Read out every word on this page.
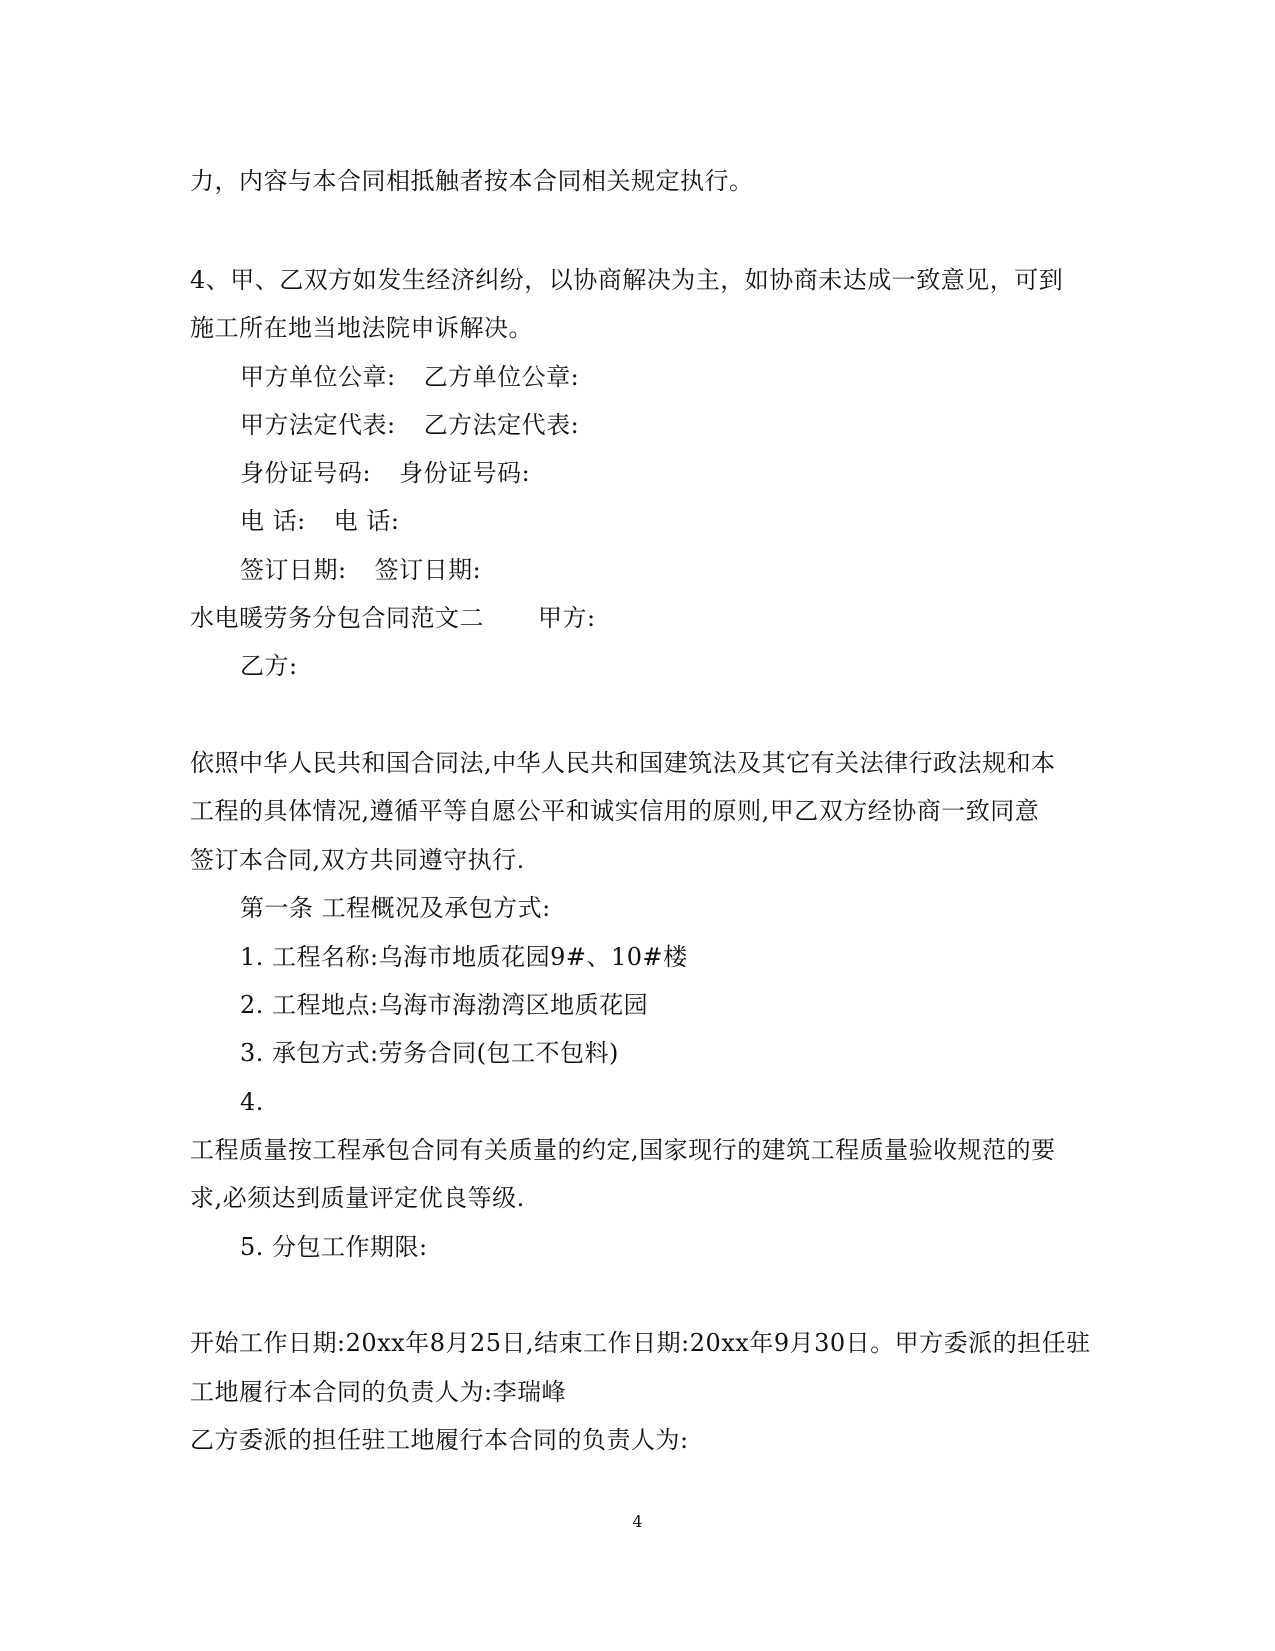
力，内容与本合同相抵触者按本合同相关规定执行。
4、甲、乙双方如发生经济纠纷，以协商解决为主，如协商未达成一致意见，可到
施工所在地当地法院申诉解决。
甲方单位公章: 乙方单位公章:
甲方法定代表: 乙方法定代表:
身份证号码: 身份证号码:
电 话: 电 话:
签订日期: 签订日期:
水电暖劳务分包合同范文二 甲方:
乙方:
依照中华人民共和国合同法,中华人民共和国建筑法及其它有关法律行政法规和本
工程的具体情况,遵循平等自愿公平和诚实信用的原则,甲乙双方经协商一致同意
签订本合同,双方共同遵守执行.
第一条 工程概况及承包方式:
1. 工程名称:乌海市地质花园9#、10#楼
2. 工程地点:乌海市海渤湾区地质花园
3. 承包方式:劳务合同(包工不包料)
4.
工程质量按工程承包合同有关质量的约定,国家现行的建筑工程质量验收规范的要
求,必须达到质量评定优良等级.
5. 分包工作期限:
开始工作日期:20xx年8月25日,结束工作日期:20xx年9月30日。甲方委派的担任驻
工地履行本合同的负责人为:李瑞峰
乙方委派的担任驻工地履行本合同的负责人为:
4
